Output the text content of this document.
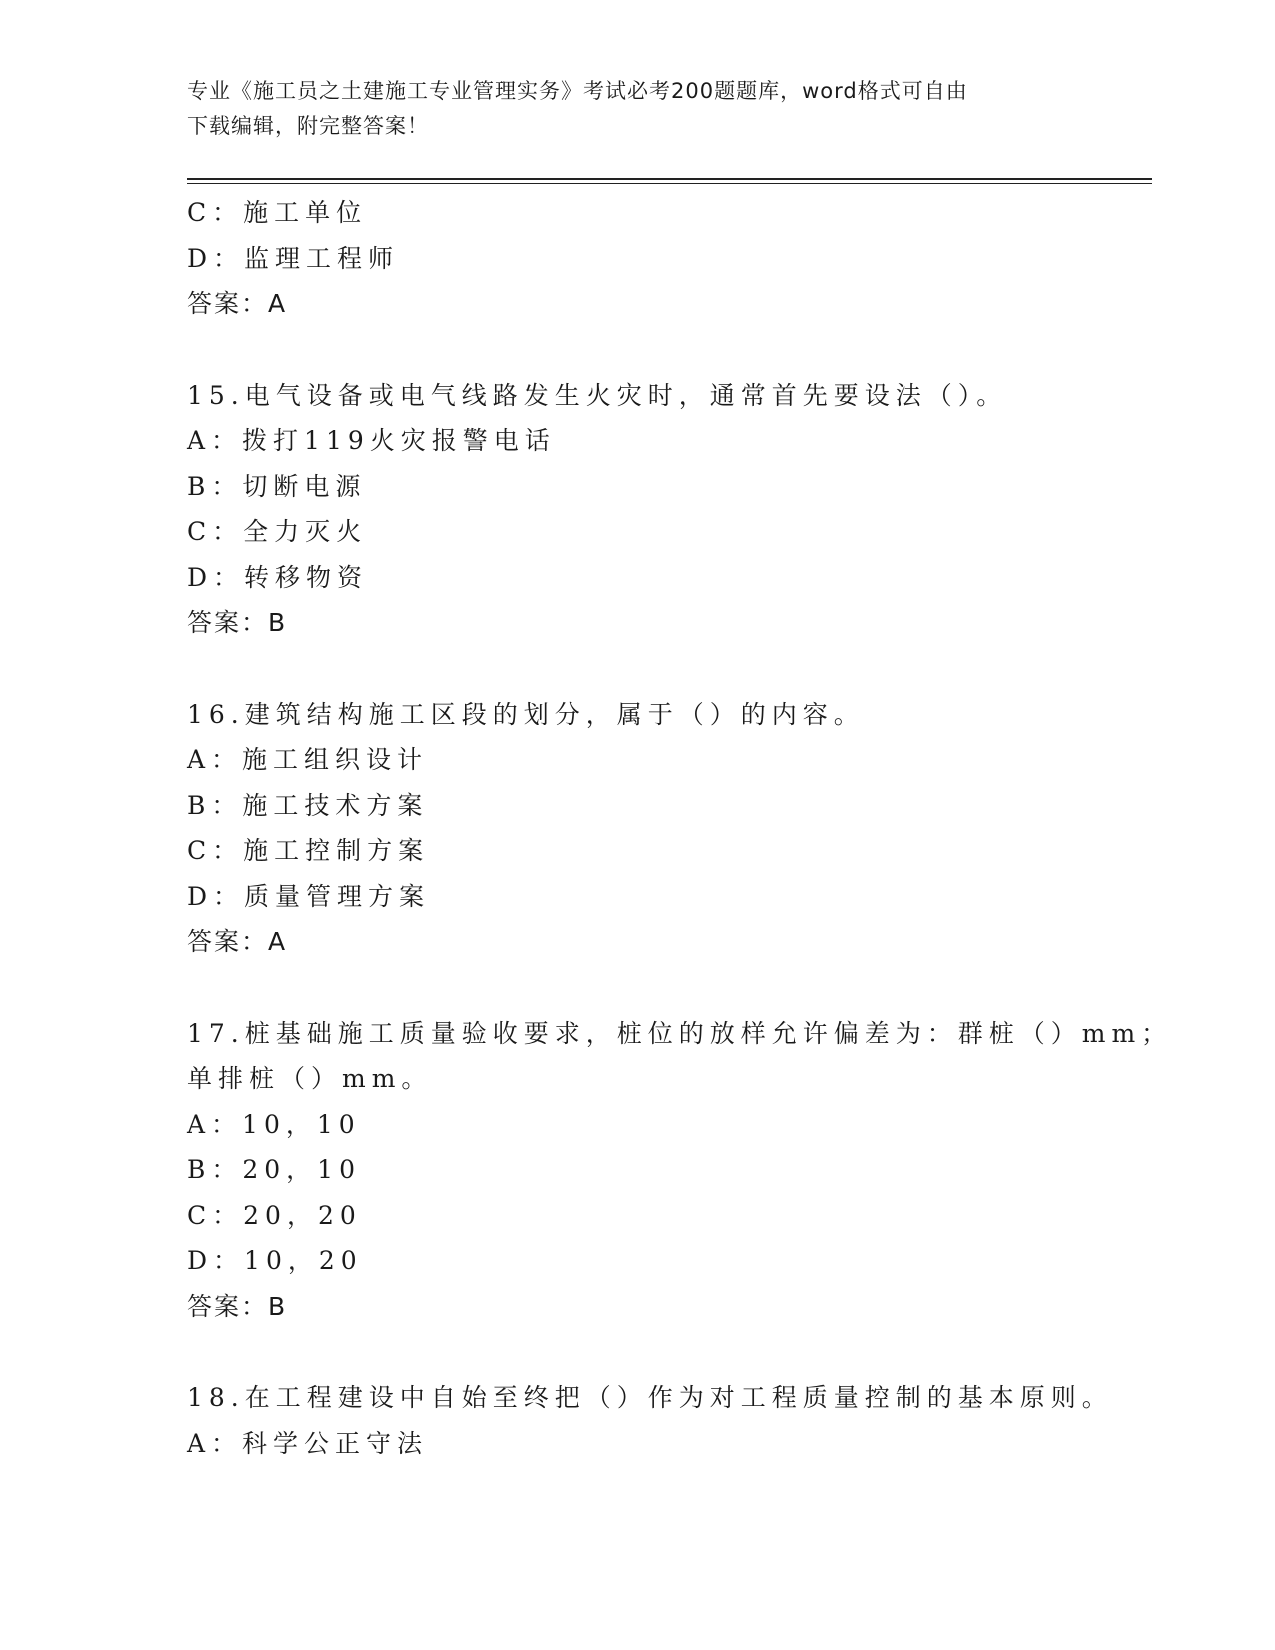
专业《施工员之土建施工专业管理实务》考试必考200题题库，word格式可自由
下载编辑，附完整答案！
C：施工单位
D：监理工程师
答案：A
15.电气设备或电气线路发生火灾时，通常首先要设法（）。
A：拨打119火灾报警电话
B：切断电源
C：全力灭火
D：转移物资
答案：B
16.建筑结构施工区段的划分，属于（）的内容。
A：施工组织设计
B：施工技术方案
C：施工控制方案
D：质量管理方案
答案：A
17.桩基础施工质量验收要求，桩位的放样允许偏差为：群桩（）mm；
单排桩（）mm。
A：10，10
B：20，10
C：20，20
D：10，20
答案：B
18.在工程建设中自始至终把（）作为对工程质量控制的基本原则。
A：科学公正守法
